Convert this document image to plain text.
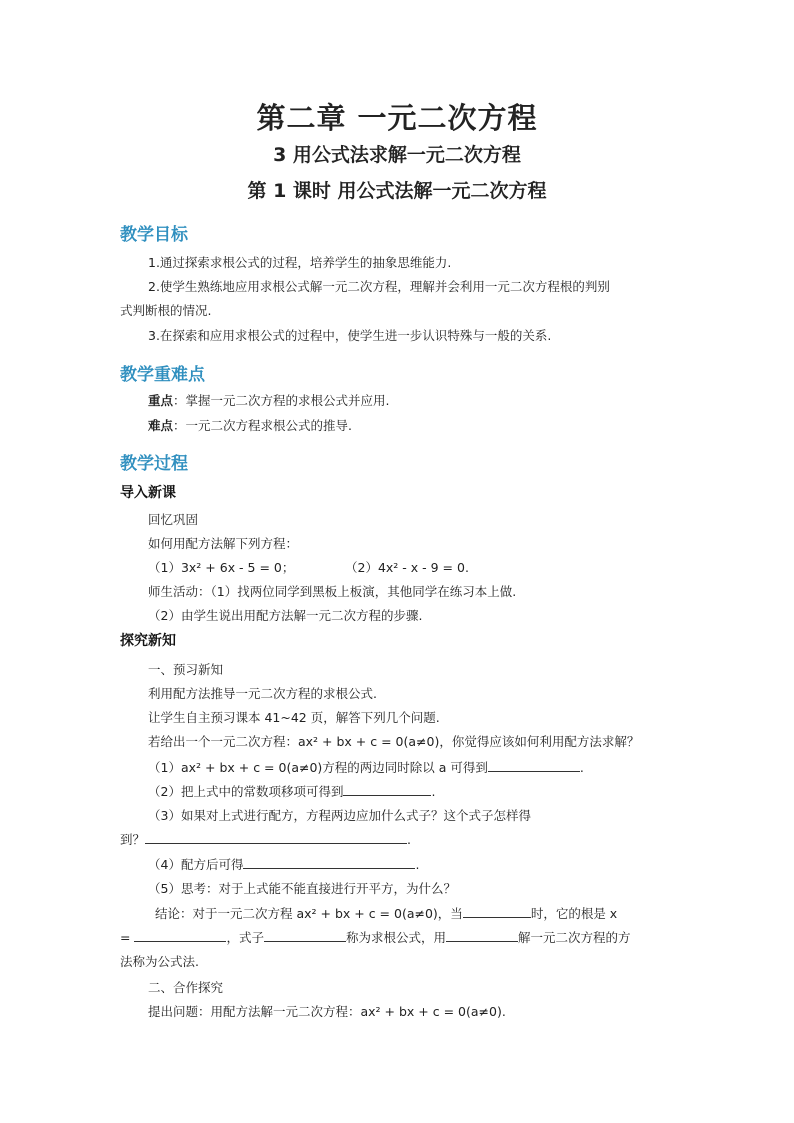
第二章 一元二次方程
3 用公式法求解一元二次方程
第 1 课时 用公式法解一元二次方程
教学目标
1.通过探索求根公式的过程，培养学生的抽象思维能力.
2.使学生熟练地应用求根公式解一元二次方程，理解并会利用一元二次方程根的判别
式判断根的情况.
3.在探索和应用求根公式的过程中，使学生进一步认识特殊与一般的关系.
教学重难点
重点：掌握一元二次方程的求根公式并应用.
难点：一元二次方程求根公式的推导.
教学过程
导入新课
回忆巩固
如何用配方法解下列方程：
（1）3x² + 6x - 5 = 0；	（2）4x² - x - 9 = 0.
师生活动：（1）找两位同学到黑板上板演，其他同学在练习本上做.
（2）由学生说出用配方法解一元二次方程的步骤.
探究新知
一、预习新知
利用配方法推导一元二次方程的求根公式.
让学生自主预习课本 41~42 页，解答下列几个问题.
若给出一个一元二次方程：ax² + bx + c = 0(a≠0)，你觉得应该如何利用配方法求解？
（1）ax² + bx + c = 0(a≠0)方程的两边同时除以 a 可得到	.
（2）把上式中的常数项移项可得到	.
（3）如果对上式进行配方，方程两边应加什么式子？这个式子怎样得
到？	.
（4）配方后可得	.
（5）思考：对于上式能不能直接进行开平方，为什么？
结论：对于一元二次方程 ax² + bx + c = 0(a≠0)，当	时，它的根是 x
=	，式子	称为求根公式，用	解一元二次方程的方
法称为公式法.
二、合作探究
提出问题：用配方法解一元二次方程：ax² + bx + c = 0(a≠0).
